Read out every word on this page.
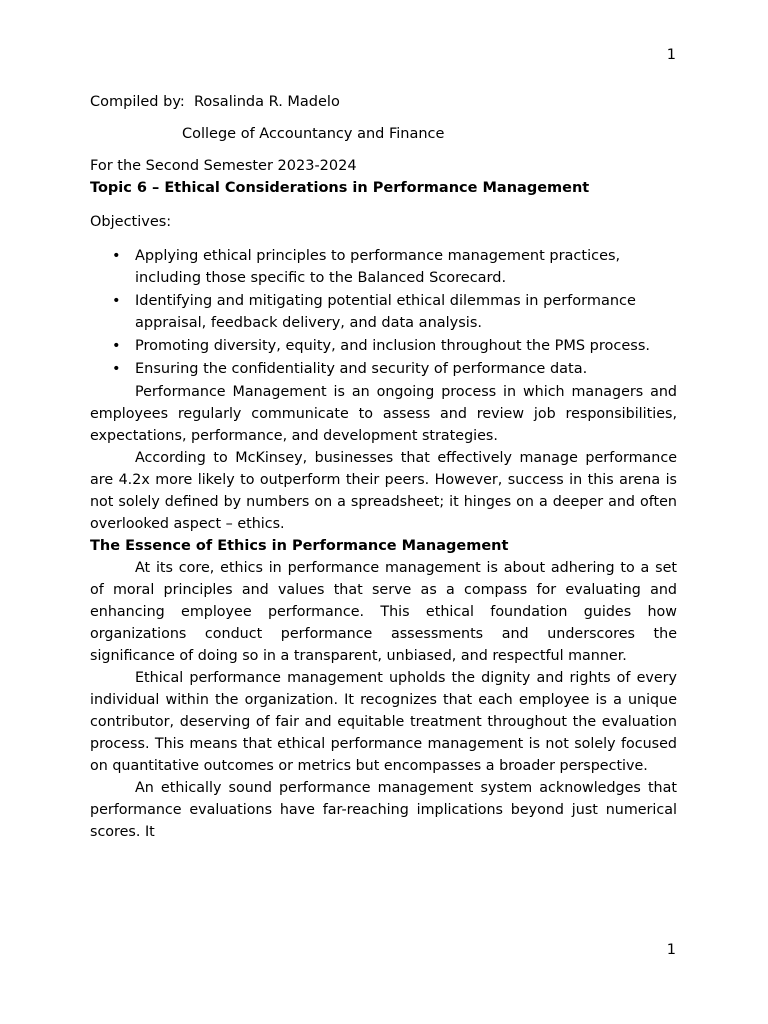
1

Compiled by: Rosalinda R. Madelo

College of Accountancy and Finance

For the Second Semester 2023-2024

Topic 6 – Ethical Considerations in Performance Management

Objectives:

• Applying ethical principles to performance management practices, including those specific to the Balanced Scorecard.
• Identifying and mitigating potential ethical dilemmas in performance appraisal, feedback delivery, and data analysis.
• Promoting diversity, equity, and inclusion throughout the PMS process.
• Ensuring the confidentiality and security of performance data.

Performance Management is an ongoing process in which managers and employees regularly communicate to assess and review job responsibilities, expectations, performance, and development strategies.

According to McKinsey, businesses that effectively manage performance are 4.2x more likely to outperform their peers. However, success in this arena is not solely defined by numbers on a spreadsheet; it hinges on a deeper and often overlooked aspect – ethics.

The Essence of Ethics in Performance Management

At its core, ethics in performance management is about adhering to a set of moral principles and values that serve as a compass for evaluating and enhancing employee performance. This ethical foundation guides how organizations conduct performance assessments and underscores the significance of doing so in a transparent, unbiased, and respectful manner.

Ethical performance management upholds the dignity and rights of every individual within the organization. It recognizes that each employee is a unique contributor, deserving of fair and equitable treatment throughout the evaluation process. This means that ethical performance management is not solely focused on quantitative outcomes or metrics but encompasses a broader perspective.

An ethically sound performance management system acknowledges that performance evaluations have far-reaching implications beyond just numerical scores. It

1
